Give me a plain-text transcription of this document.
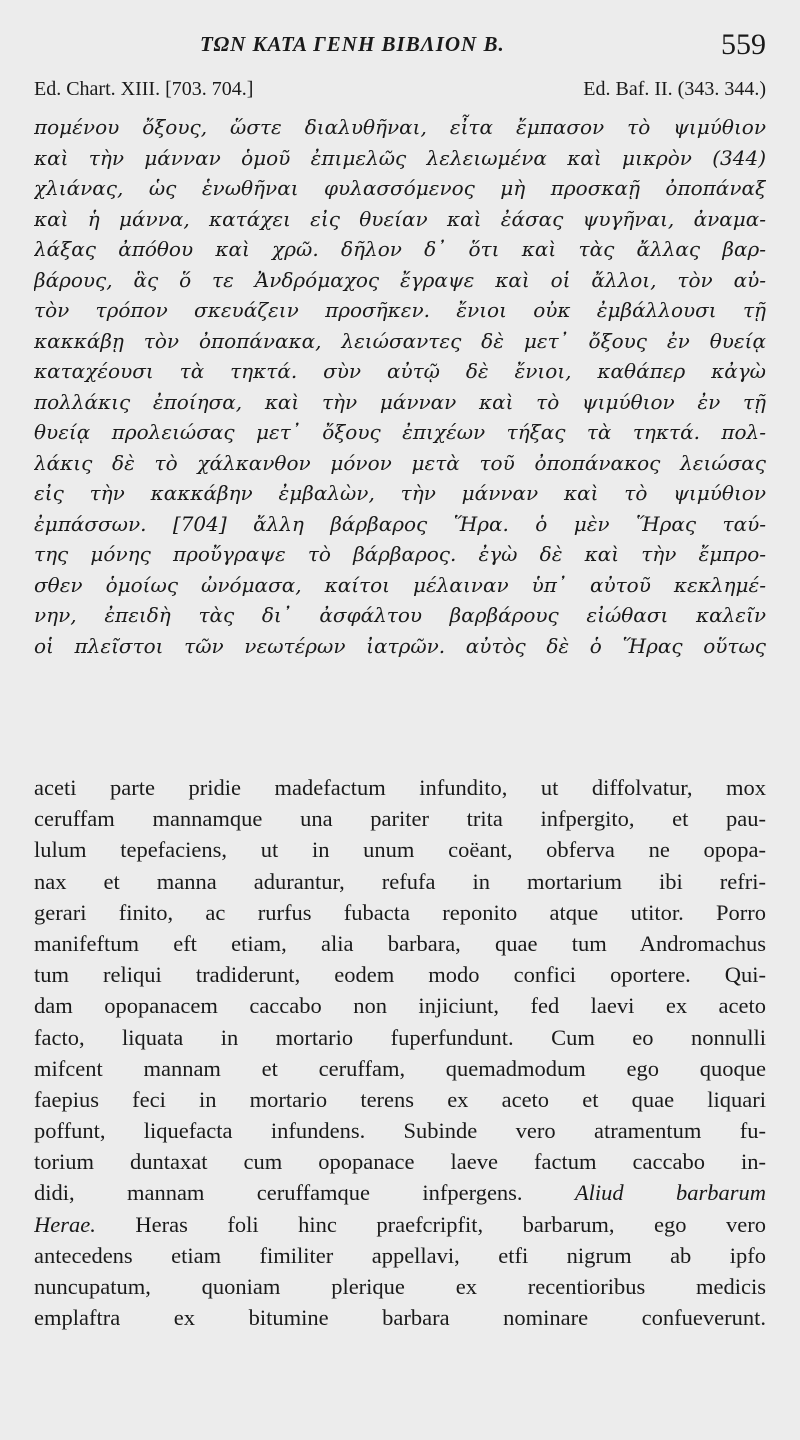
ΤΩΝ ΚΑΤΑ ΓΕΝΗ ΒΙΒΛΙΟΝ Β.	559
Ed. Chart. XIII. [703. 704.]	Ed. Baf. II. (343. 344.)
πομένου ὄξους, ὥστε διαλυθῆναι, εἶτα ἔμπασον τὸ ψιμύθιον
καὶ τὴν μάνναν ὁμοῦ ἐπιμελῶς λελειωμένα καὶ μικρὸν (344)
χλιάνας, ὡς ἑνωθῆναι φυλασσόμενος μὴ προσκαῇ ὀποπάναξ
καὶ ἡ μάννα, κατάχει εἰς θυείαν καὶ ἐάσας ψυγῆναι, ἀναμα-
λάξας ἀπόθου καὶ χρῶ. δῆλον δ᾽ ὅτι καὶ τὰς ἄλλας βαρ-
βάρους, ἃς ὅ τε Ἀνδρόμαχος ἔγραψε καὶ οἱ ἄλλοι, τὸν αὐ-
τὸν τρόπον σκευάζειν προσῆκεν. ἔνιοι οὐκ ἐμβάλλουσι τῇ
κακκάβῃ τὸν ὀποπάνακα, λειώσαντες δὲ μετ᾽ ὄξους ἐν θυείᾳ
καταχέουσι τὰ τηκτά. σὺν αὐτῷ δὲ ἔνιοι, καθάπερ κἀγὼ
πολλάκις ἐποίησα, καὶ τὴν μάνναν καὶ τὸ ψιμύθιον ἐν τῇ
θυείᾳ προλειώσας μετ᾽ ὄξους ἐπιχέων τήξας τὰ τηκτά. πολ-
λάκις δὲ τὸ χάλκανθον μόνον μετὰ τοῦ ὀποπάνακος λειώσας
εἰς τὴν κακκάβην ἐμβαλὼν, τὴν μάνναν καὶ τὸ ψιμύθιον
ἐμπάσσων. [704] ἄλλη βάρβαρος Ἥρα. ὁ μὲν Ἥρας ταύ-
της μόνης προὔγραψε τὸ βάρβαρος. ἐγὼ δὲ καὶ τὴν ἔμπρο-
σθεν ὁμοίως ὠνόμασα, καίτοι μέλαιναν ὑπ᾽ αὐτοῦ κεκλημέ-
νην, ἐπειδὴ τὰς δι᾽ ἀσφάλτου βαρβάρους εἰώθασι καλεῖν
οἱ πλεῖστοι τῶν νεωτέρων ἰατρῶν. αὐτὸς δὲ ὁ Ἥρας οὕτως
aceti parte pridie madefactum infundito, ut diffolvatur, mox
ceruffam mannamque una pariter trita infpergito, et pau-
lulum tepefaciens, ut in unum coëant, obferva ne opopa-
nax et manna adurantur, refufa in mortarium ibi refri-
gerari finito, ac rurfus fubacta reponito atque utitor. Porro
manifeftum eft etiam, alia barbara, quae tum Andromachus
tum reliqui tradiderunt, eodem modo confici oportere. Qui-
dam opopanacem caccabo non injiciunt, fed laevi ex aceto
facto, liquata in mortario fuperfundunt. Cum eo nonnulli
mifcent mannam et ceruffam, quemadmodum ego quoque
faepius feci in mortario terens ex aceto et quae liquari
poffunt, liquefacta infundens. Subinde vero atramentum fu-
torium duntaxat cum opopanace laeve factum caccabo in-
didi, mannam ceruffamque infpergens. Aliud barbarum
Herae. Heras foli hinc praefcripfit, barbarum, ego vero
antecedens etiam fimiliter appellavi, etfi nigrum ab ipfo
nuncupatum, quoniam plerique ex recentioribus medicis
emplaftra ex bitumine barbara nominare confueverunt.
